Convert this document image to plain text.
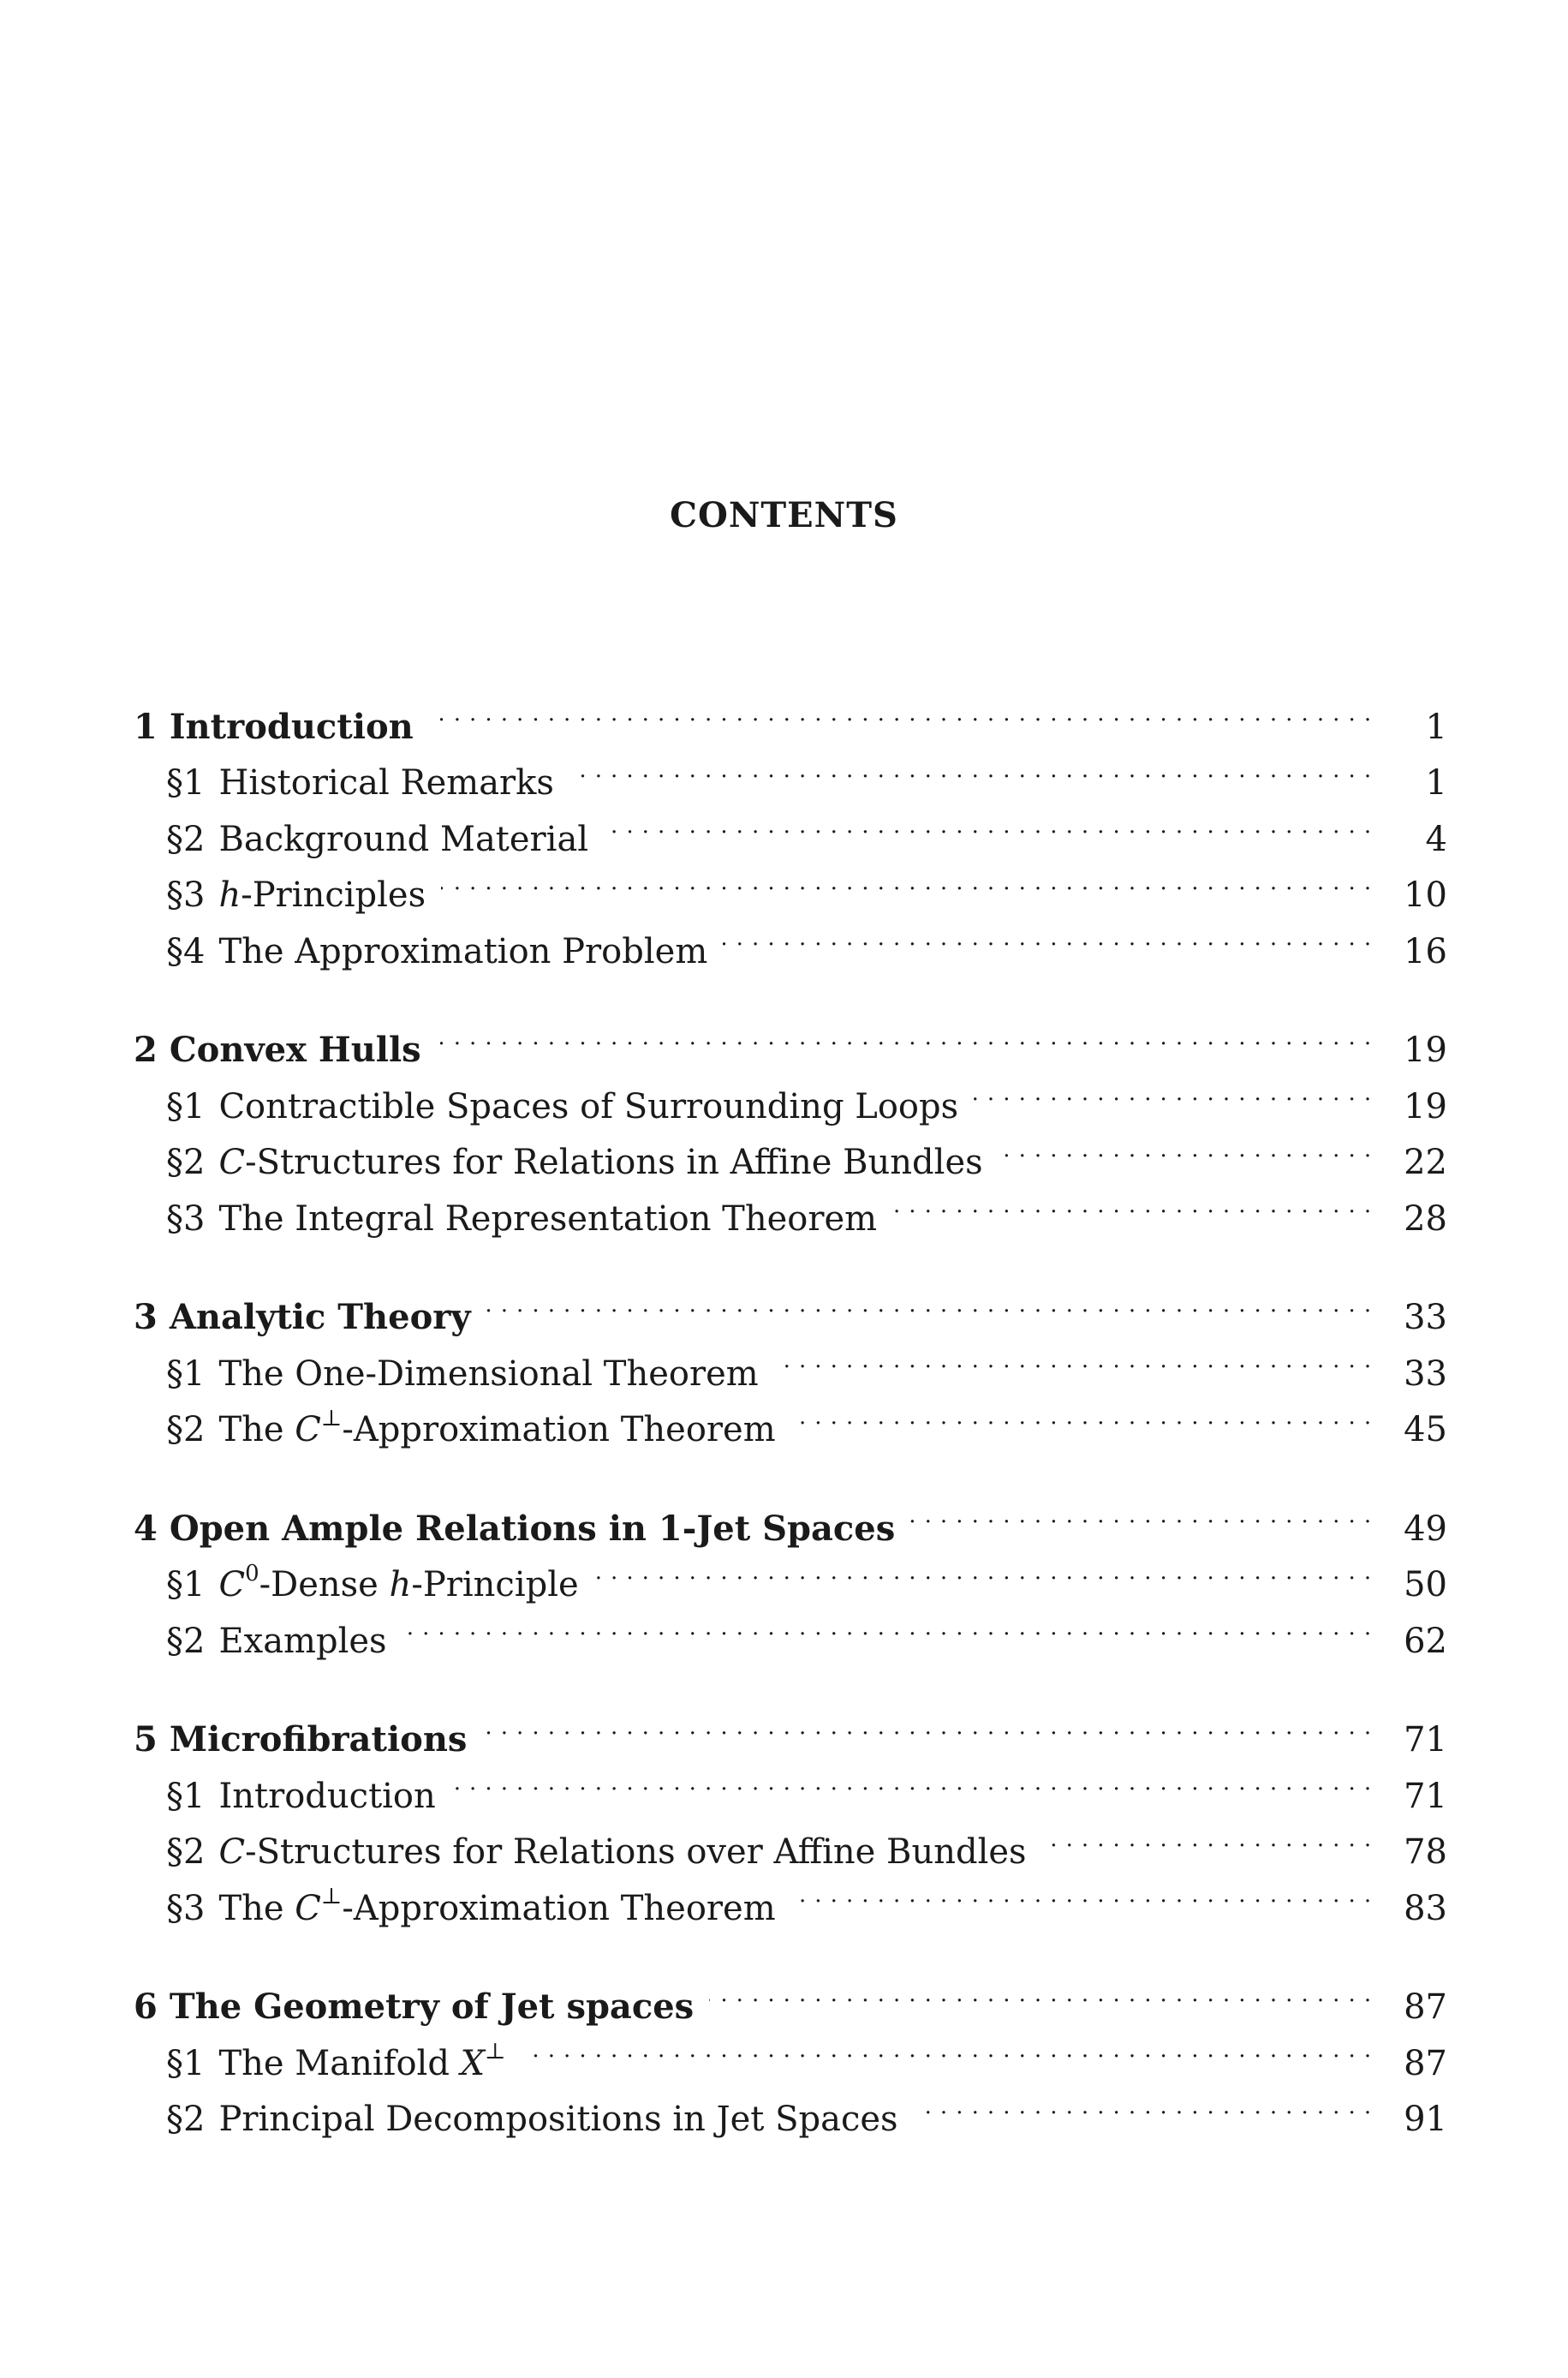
CONTENTS
1 Introduction . . .	1
§1 Historical Remarks . . .	1
§2 Background Material . . .	4
§3 h-Principles . . .	10
§4 The Approximation Problem . . .	16
2 Convex Hulls . . .	19
§1 Contractible Spaces of Surrounding Loops . . .	19
§2 C-Structures for Relations in Affine Bundles . . .	22
§3 The Integral Representation Theorem . . .	28
3 Analytic Theory . . .	33
§1 The One-Dimensional Theorem . . .	33
§2 The C⊥-Approximation Theorem . . .	45
4 Open Ample Relations in 1-Jet Spaces . . .	49
§1 $C^0$-Dense h-Principle . . .	50
§2 Examples . . .	62
5 Microfibrations . . .	71
§1 Introduction . . .	71
§2 C-Structures for Relations over Affine Bundles . . .	78
§3 The C⊥-Approximation Theorem . . .	83
6 The Geometry of Jet spaces . . .	87
§1 The Manifold X⊥ . . .	87
§2 Principal Decompositions in Jet Spaces . . .	91
